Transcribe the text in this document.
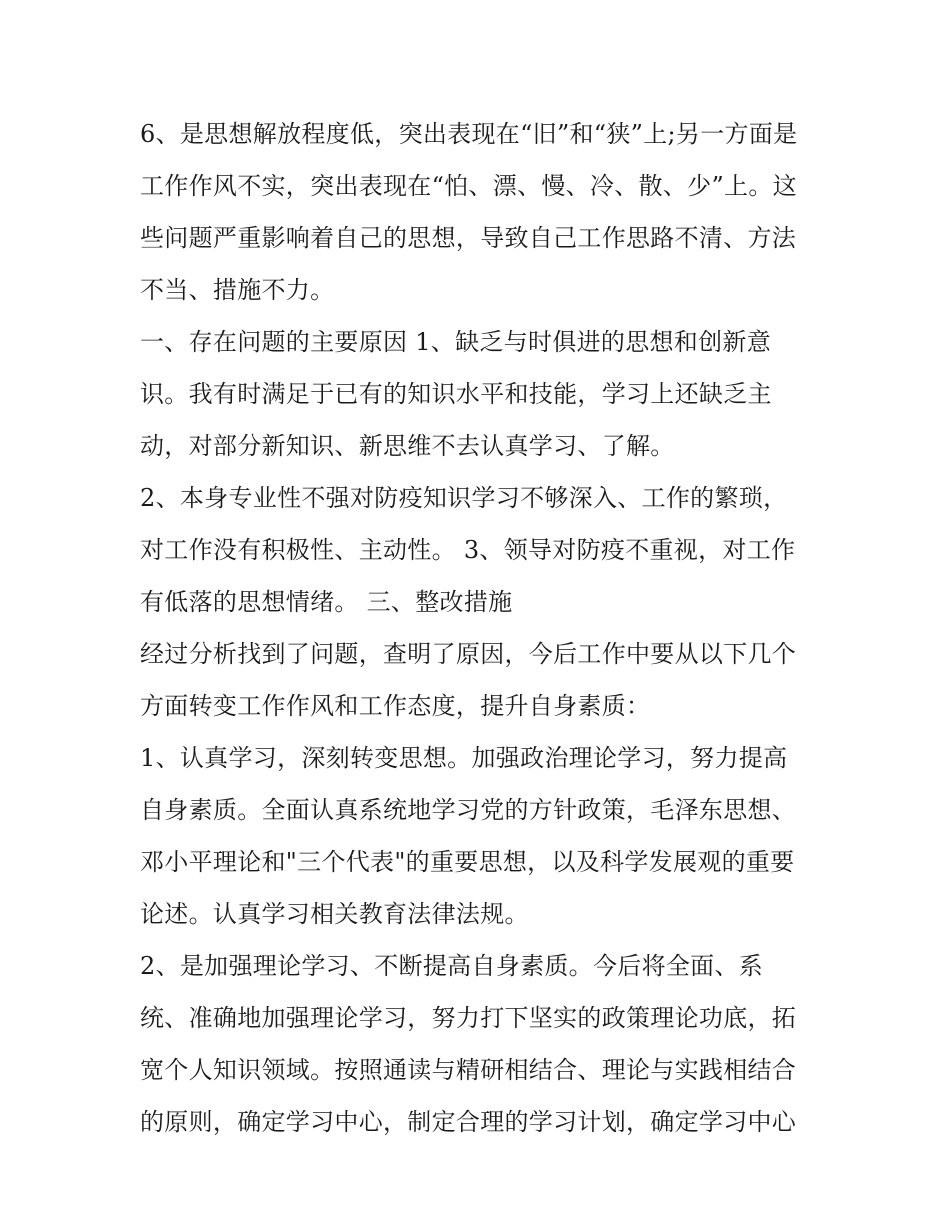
6、是思想解放程度低，突出表现在“旧”和“狭”上;另一方面是
工作作风不实，突出表现在“怕、漂、慢、冷、散、少”上。这
些问题严重影响着自己的思想，导致自己工作思路不清、方法
不当、措施不力。
一、存在问题的主要原因 1、缺乏与时俱进的思想和创新意
识。我有时满足于已有的知识水平和技能，学习上还缺乏主
动，对部分新知识、新思维不去认真学习、了解。
2、本身专业性不强对防疫知识学习不够深入、工作的繁琐，
对工作没有积极性、主动性。 3、领导对防疫不重视，对工作
有低落的思想情绪。 三、整改措施
经过分析找到了问题，查明了原因，今后工作中要从以下几个
方面转变工作作风和工作态度，提升自身素质：
1、认真学习，深刻转变思想。加强政治理论学习，努力提高
自身素质。全面认真系统地学习党的方针政策，毛泽东思想、
邓小平理论和"三个代表"的重要思想，以及科学发展观的重要
论述。认真学习相关教育法律法规。
2、是加强理论学习、不断提高自身素质。今后将全面、系
统、准确地加强理论学习，努力打下坚实的政策理论功底，拓
宽个人知识领域。按照通读与精研相结合、理论与实践相结合
的原则，确定学习中心，制定合理的学习计划，确定学习中心
